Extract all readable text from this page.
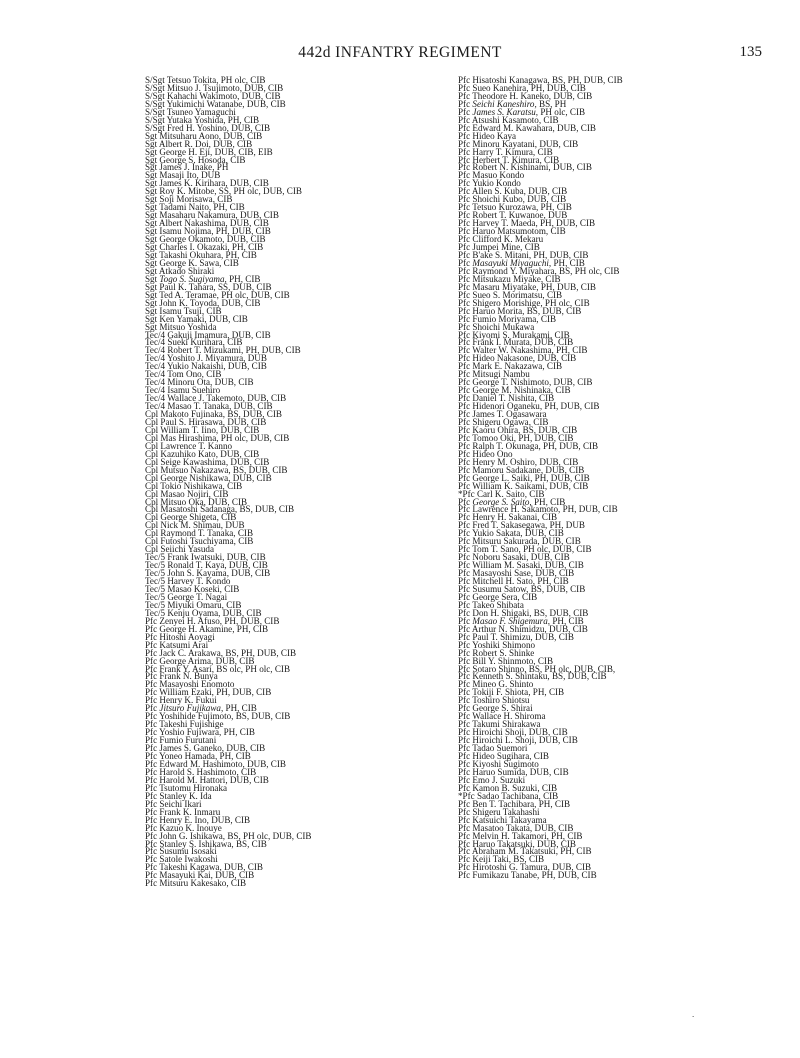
442d INFANTRY REGIMENT	135
S/Sgt Tetsuo Tokita, PH olc, CIB
S/Sgt Mitsuo J. Tsujimoto, DUB, CIB
S/Sgt Kahachi Wakimoto, DUB, CIB
S/Sgt Yukimichi Watanabe, DUB, CIB
S/Sgt Tsuneo Yamaguchi
S/Sgt Yutaka Yoshida, PH, CIB
S/Sgt Fred H. Yoshino, DUB, CIB
Sgt Mitsuharu Aono, DUB, CIB
Sgt Albert R. Doi, DUB, CIB
Sgt George H. Eji, DUB, CIB, EIB
Sgt George S. Hosoda, CIB
Sgt James J. Inake, PH
Sgt Masaji Ito, DUB
Sgt James K. Kirihara, DUB, CIB
Sgt Roy K. Mitobe, SS, PH olc, DUB, CIB
Sgt Soji Morisawa, CIB
Sgt Tadami Naito, PH, CIB
Sgt Masaharu Nakamura, DUB, CIB
Sgt Albert Nakashima, DUB, CIB
Sgt Isamu Nojima, PH, DUB, CIB
Sgt George Okamoto, DUB, CIB
Sgt Charles I. Okazaki, PH, CIB
Sgt Takashi Okuhara, PH, CIB
Sgt George K. Sawa, CIB
Sgt Atkado Shiraki
Sgt Togo S. Sugiyama, PH, CIB
Sgt Paul K. Tahara, SS, DUB, CIB
Sgt Ted A. Teramae, PH olc, DUB, CIB
Sgt John K. Toyoda, DUB, CIB
Sgt Isamu Tsuji, CIB
Sgt Ken Yamaki, DUB, CIB
Sgt Mitsuo Yoshida
Tec/4 Gakuji Imamura, DUB, CIB
Tec/4 Sueki Kurihara, CIB
Tec/4 Robert T. Mizukami, PH, DUB, CIB
Tec/4 Yoshito J. Miyamura, DUB
Tec/4 Yukio Nakaishi, DUB, CIB
Tec/4 Tom Ono, CIB
Tec/4 Minoru Ota, DUB, CIB
Tec/4 Isamu Suehiro
Tec/4 Wallace J. Takemoto, DUB, CIB
Tec/4 Masao T. Tanaka, DUB, CIB
Cpl Makoto Fujinaka, BS, DUB, CIB
Cpl Paul S. Hirasawa, DUB, CIB
Cpl William T. Iino, DUB, CIB
Cpl Mas Hirashima, PH olc, DUB, CIB
Cpl Lawrence T. Kanno
Cpl Kazuhiko Kato, DUB, CIB
Cpl Seige Kawashima, DUB, CIB
Cpl Mutsuo Nakazawa, BS, DUB, CIB
Cpl George Nishikawa, DUB, CIB
Cpl Tokio Nishikawa, CIB
Cpl Masao Nojiri, CIB
Cpl Mitsuo Oka, DUB, CIB
Cpl Masatoshi Sadanaga, BS, DUB, CIB
Cpl George Shigeta, CIB
Cpl Nick M. Shimau, DUB
Cpl Raymond T. Tanaka, CIB
Cpl Futoshi Tsuchiyama, CIB
Cpl Seiichi Yasuda
Tec/5 Frank Iwatsuki, DUB, CIB
Tec/5 Ronald T. Kaya, DUB, CIB
Tec/5 John S. Kayama, DUB, CIB
Tec/5 Harvey T. Kondo
Tec/5 Masao Koseki, CIB
Tec/5 George T. Nagai
Tec/5 Miyuki Omaru, CIB
Tec/5 Kenju Oyama, DUB, CIB
Pfc Zenyei H. Afuso, PH, DUB, CIB
Pfc George H. Akamine, PH, CIB
Pfc Hitoshi Aoyagi
Pfc Katsumi Arai
Pfc Jack C. Arakawa, BS, PH, DUB, CIB
Pfc George Arima, DUB, CIB
Pfc Frank Y. Asari, BS olc, PH olc, CIB
Pfc Frank N. Bunya
Pfc Masayoshi Enomoto
Pfc William Ezaki, PH, DUB, CIB
Pfc Henry K. Fukui
Pfc Jitsuro Fujikawa, PH, CIB
Pfc Yoshihide Fujimoto, BS, DUB, CIB
Pfc Takeshi Fujishige
Pfc Yoshio Fujiwara, PH, CIB
Pfc Fumio Furutani
Pfc James S. Ganeko, DUB, CIB
Pfc Yoneo Hamada, PH, CIB
Pfc Edward M. Hashimoto, DUB, CIB
Pfc Harold S. Hashimoto, CIB
Pfc Harold M. Hattori, DUB, CIB
Pfc Tsutomu Hironaka
Pfc Stanley K. Ida
Pfc Seichi Ikari
Pfc Frank K. Inmaru
Pfc Henry E. Ino, DUB, CIB
Pfc Kazuo K. Inouye
Pfc John G. Ishikawa, BS, PH olc, DUB, CIB
Pfc Stanley S. Ishikawa, BS, CIB
Pfc Susumu Isosaki
Pfc Satole Iwakoshi
Pfc Takeshi Kagawa, DUB, CIB
Pfc Masayuki Kai, DUB, CIB
Pfc Mitsuru Kakesako, CIB
Pfc Hisatoshi Kanagawa, BS, PH, DUB, CIB
Pfc Sueo Kanehira, PH, DUB, CIB
Pfc Theodore H. Kaneko, DUB, CIB
Pfc Seichi Kaneshiro, BS, PH
Pfc James S. Karatsu, PH olc, CIB
Pfc Atsushi Kasamoto, CIB
Pfc Edward M. Kawahara, DUB, CIB
Pfc Hideo Kaya
Pfc Minoru Kayatani, DUB, CIB
Pfc Harry T. Kimura, CIB
Pfc Herbert T. Kimura, CIB
Pfc Robert N. Kishinami, DUB, CIB
Pfc Masuo Kondo
Pfc Yukio Kondo
Pfc Allen S. Kuba, DUB, CIB
Pfc Shoichi Kubo, DUB, CIB
Pfc Tetsuo Kurozawa, PH, CIB
Pfc Robert T. Kuwanoe, DUB
Pfc Harvey T. Maeda, PH, DUB, CIB
Pfc Haruo Matsumotom, CIB
Pfc Clifford K. Mekaru
Pfc Jumpei Mine, CIB
Pfc B'ake S. Mitani, PH, DUB, CIB
Pfc Masayuki Miyaguchi, PH, CIB
Pfc Raymond Y. Miyahara, BS, PH olc, CIB
Pfc Mitsukazu Miyake, CIB
Pfc Masaru Miyatake, PH, DUB, CIB
Pfc Sueo S. Morimatsu, CIB
Pfc Shigero Morishige, PH olc, CIB
Pfc Haruo Morita, BS, DUB, CIB
Pfc Fumio Moriyama, CIB
Pfc Shoichi Mukawa
Pfc Kiyomi S. Murakami, CIB
Pfc Frank I. Murata, DUB, CIB
Pfc Walter W. Nakashima, PH, CIB
Pfc Hideo Nakasone, DUB, CIB
Pfc Mark E. Nakazawa, CIB
Pfc Mitsugi Nambu
Pfc George T. Nishimoto, DUB, CIB
Pfc George M. Nishinaka, CIB
Pfc Daniel T. Nishita, CIB
Pfc Hidenori Oganeku, PH, DUB, CIB
Pfc James T. Ogasawara
Pfc Shigeru Ogawa, CIB
Pfc Kaoru Ohira, BS, DUB, CIB
Pfc Tomoo Oki, PH, DUB, CIB
Pfc Ralph T. Okunaga, PH, DUB, CIB
Pfc Hideo Ono
Pfc Henry M. Oshiro, DUB, CIB
Pfc Mamoru Sadakane, DUB, CIB
Pfc George L. Saiki, PH, DUB, CIB
Pfc William K. Saikami, DUB, CIB
*Pfc Carl K. Saito, CIB
Pfc George S. Saito, PH, CIB
Pfc Lawrence H. Sakamoto, PH, DUB, CIB
Pfc Henry H. Sakanai, CIB
Pfc Fred T. Sakasegawa, PH, DUB
Pfc Yukio Sakata, DUB, CIB
Pfc Mitsuru Sakurada, DUB, CIB
Pfc Tom T. Sano, PH olc, DUB, CIB
Pfc Noboru Sasaki, DUB, CIB
Pfc William M. Sasaki, DUB, CIB
Pfc Masayoshi Sase, DUB, CIB
Pfc Mitchell H. Sato, PH, CIB
Pfc Susumu Satow, BS, DUB, CIB
Pfc George Sera, CIB
Pfc Takeo Shibata
Pfc Don H. Shigaki, BS, DUB, CIB
Pfc Masao F. Shigemura, PH, CIB
Pfc Arthur N. Shimidzu, DUB, CIB
Pfc Paul T. Shimizu, DUB, CIB
Pfc Yoshiki Shimono
Pfc Robert S. Shinke
Pfc Bill Y. Shinmoto, CIB
Pfc Sotaro Shinno, BS, PH olc, DUB, CIB,
Pfc Kenneth S. Shintaku, BS, DUB, CIB
Pfc Mineo G. Shinto
Pfc Tokiji F. Shiota, PH, CIB
Pfc Toshiro Shiotsu
Pfc George S. Shirai
Pfc Wallace H. Shiroma
Pfc Takumi Shirakawa
Pfc Hiroichi Shoji, DUB, CIB
Pfc Hiroichi L. Shoji, DUB, CIB
Pfc Tadao Suemori
Pfc Hideo Sugihara, CIB
Pfc Kiyoshi Sugimoto
Pfc Haruo Sumida, DUB, CIB
Pfc Emo J. Suzuki
Pfc Kamon B. Suzuki, CIB
*Pfc Sadao Tachibana, CIB
Pfc Ben T. Tachibara, PH, CIB
Pfc Shigeru Takahashi
Pfc Katsuichi Takayama
Pfc Masatoo Takata, DUB, CIB
Pfc Melvin H. Takamori, PH, CIB
Pfc Haruo Takatsuki, DUB, CIB
Pfc Abraham M. Takatsuki, PH, CIB
Pfc Keiji Taki, BS, CIB
Pfc Hirotoshi G. Tamura, DUB, CIB
Pfc Fumikazu Tanabe, PH, DUB, CIB
·
